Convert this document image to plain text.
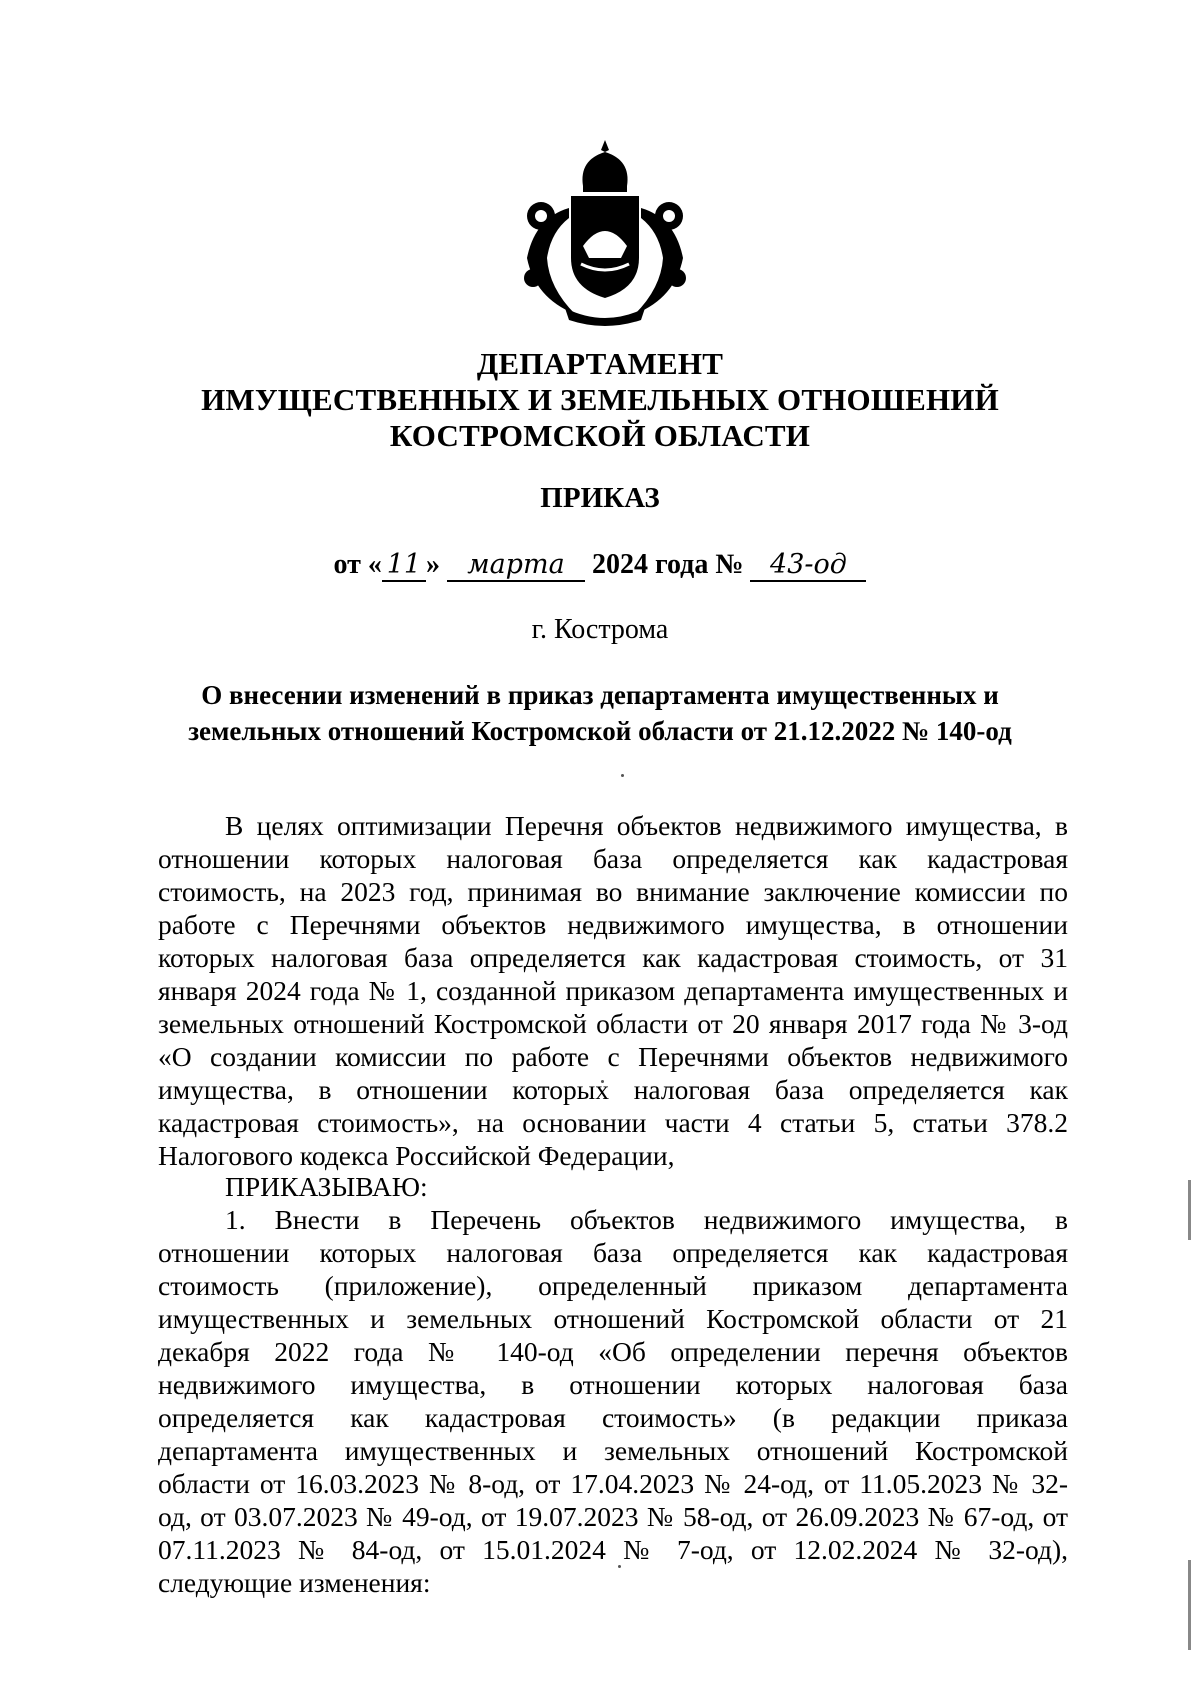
ДЕПАРТАМЕНТ
ИМУЩЕСТВЕННЫХ И ЗЕМЕЛЬНЫХ ОТНОШЕНИЙ
КОСТРОМСКОЙ ОБЛАСТИ
ПРИКАЗ
от « 11 » марта 2024 года № 43-од
г. Кострома
О внесении изменений в приказ департамента имущественных и
земельных отношений Костромской области от 21.12.2022 № 140-од
В целях оптимизации Перечня объектов недвижимого имущества, в
отношении которых налоговая база определяется как кадастровая
стоимость, на 2023 год, принимая во внимание заключение комиссии по
работе с Перечнями объектов недвижимого имущества, в отношении
которых налоговая база определяется как кадастровая стоимость, от 31
января 2024 года № 1, созданной приказом департамента имущественных и
земельных отношений Костромской области от 20 января 2017 года № 3-од
«О создании комиссии по работе с Перечнями объектов недвижимого
имущества, в отношении которых налоговая база определяется как
кадастровая стоимость», на основании части 4 статьи 5, статьи 378.2
Налогового кодекса Российской Федерации,
ПРИКАЗЫВАЮ:
1. Внести в Перечень объектов недвижимого имущества, в
отношении которых налоговая база определяется как кадастровая
стоимость (приложение), определенный приказом департамента
имущественных и земельных отношений Костромской области от 21
декабря 2022 года № 140-од «Об определении перечня объектов
недвижимого имущества, в отношении которых налоговая база
определяется как кадастровая стоимость» (в редакции приказа
департамента имущественных и земельных отношений Костромской
области от 16.03.2023 № 8-од, от 17.04.2023 № 24-од, от 11.05.2023 № 32-
од, от 03.07.2023 № 49-од, от 19.07.2023 № 58-од, от 26.09.2023 № 67-од, от
07.11.2023 № 84-од, от 15.01.2024 № 7-од, от 12.02.2024 № 32-од),
следующие изменения:
